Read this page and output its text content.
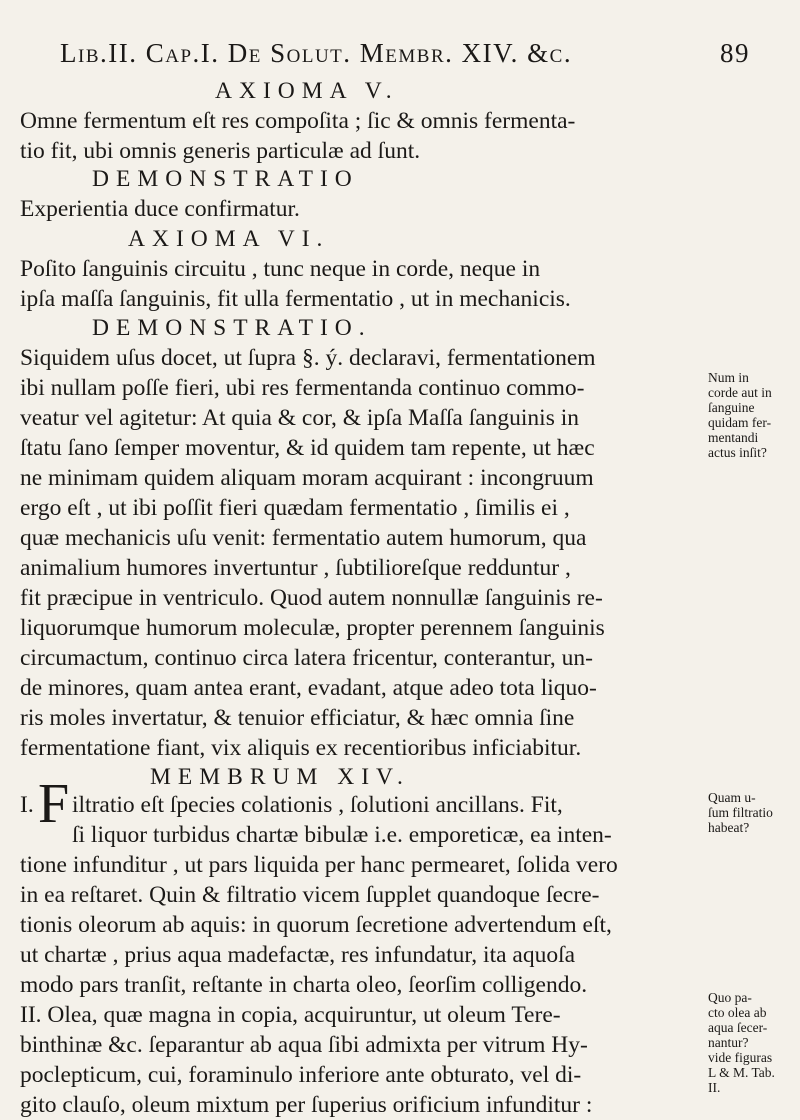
Lib.II. Cap.I. De Solut. Membr. XIV. &c.	89
AXIOMA V.
Omne fermentum eſt res compoſita ; ſic & omnis fermenta-
tio fit, ubi omnis generis particulæ ad ſunt.
DEMONSTRATIO
Experientia duce confirmatur.
AXIOMA VI.
Poſito ſanguinis circuitu , tunc neque in corde, neque in
ipſa maſſa ſanguinis, fit ulla fermentatio , ut in mechanicis.
DEMONSTRATIO.
Siquidem uſus docet, ut ſupra §. ý. declaravi, fermentationem
ibi nullam poſſe fieri, ubi res fermentanda continuo commo-
veatur vel agitetur: At quia & cor, & ipſa Maſſa ſanguinis in
ſtatu ſano ſemper moventur, & id quidem tam repente, ut hæc
ne minimam quidem aliquam moram acquirant : incongruum
ergo eſt , ut ibi poſſit fieri quædam fermentatio , ſimilis ei ,
quæ mechanicis uſu venit: fermentatio autem humorum, qua
animalium humores invertuntur , ſubtilioreſque redduntur ,
fit præcipue in ventriculo. Quod autem nonnullæ ſanguinis re-
liquorumque humorum moleculæ, propter perennem ſanguinis
circumactum, continuo circa latera fricentur, conterantur, un-
de minores, quam antea erant, evadant, atque adeo tota liquo-
ris moles invertatur, & tenuior efficiatur, & hæc omnia ſine
fermentatione fiant, vix aliquis ex recentioribus inficiabitur.
MEMBRUM XIV.
I. F iltratio eſt ſpecies colationis , ſolutioni ancillans. Fit,
ſi liquor turbidus chartæ bibulæ i.e. emporeticæ, ea inten-
tione infunditur , ut pars liquida per hanc permearet, ſolida vero
in ea reſtaret. Quin & filtratio vicem ſupplet quandoque ſecre-
tionis oleorum ab aquis: in quorum ſecretione advertendum eſt,
ut chartæ , prius aqua madefactæ, res infundatur, ita aquoſa
modo pars tranſit, reſtante in charta oleo, ſeorſim colligendo.
II. Olea, quæ magna in copia, acquiruntur, ut oleum Tere-
binthinæ &c. ſeparantur ab aqua ſibi admixta per vitrum Hy-
poclepticum, cui, foraminulo inferiore ante obturato, vel di-
gito clauſo, oleum mixtum per ſuperius orificium infunditur :
Num in
corde aut in
ſanguine
quidam fer-
mentandi
actus inſit?
Quam u-
ſum filtratio
habeat?
Quo pa-
cto olea ab
aqua ſecer-
nantur?
vide figuras
L & M. Tab.
II.
